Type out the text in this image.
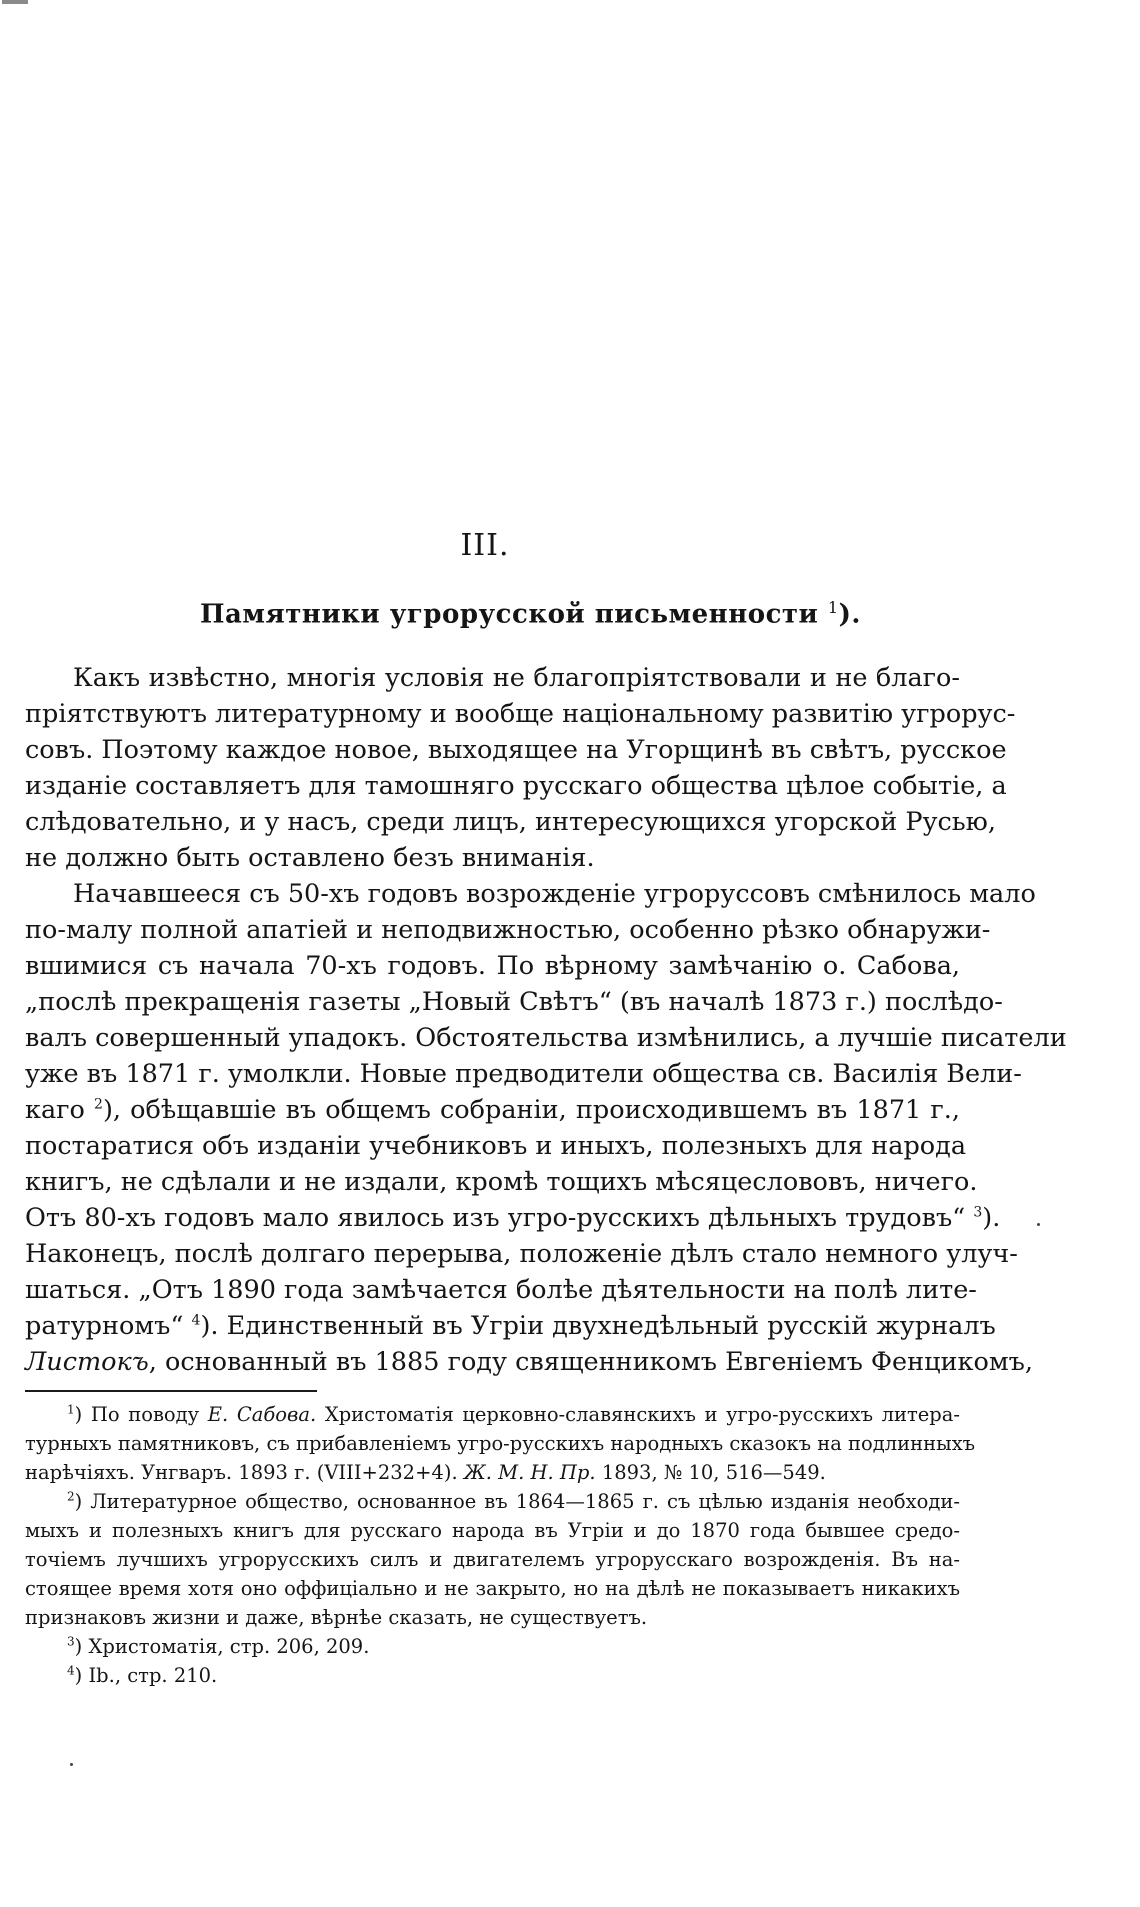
III.
Памятники угрорусской письменности $^1$).
Какъ извѣстно, многія условія не благопріятствовали и не благо-
пріятствуютъ литературному и вообще національному развитію угрорус-
совъ. Поэтому каждое новое, выходящее на Угорщинѣ въ свѣтъ, русское
изданіе составляетъ для тамошняго русскаго общества цѣлое событіе, а
слѣдовательно, и у насъ, среди лицъ, интересующихся угорской Русью,
не должно быть оставлено безъ вниманія.
Начавшееся съ 50-хъ годовъ возрожденіе угроруссовъ смѣнилось мало
по-малу полной апатіей и неподвижностью, особенно рѣзко обнаружи-
вшимися съ начала 70-хъ годовъ. По вѣрному замѣчанію о. Сабова,
„послѣ прекращенія газеты „Новый Свѣтъ“ (въ началѣ 1873 г.) послѣдо-
валъ совершенный упадокъ. Обстоятельства измѣнились, а лучшіе писатели
уже въ 1871 г. умолкли. Новые предводители общества св. Василія Вели-
каго $^2$), обѣщавшіе въ общемъ собраніи, происходившемъ въ 1871 г.,
постаратися объ изданіи учебниковъ и иныхъ, полезныхъ для народа
книгъ, не сдѣлали и не издали, кромѣ тощихъ мѣсяцеслововъ, ничего.
Отъ 80-хъ годовъ мало явилось изъ угро-русскихъ дѣльныхъ трудовъ“ $^3$).
Наконецъ, послѣ долгаго перерыва, положеніе дѣлъ стало немного улуч-
шаться. „Отъ 1890 года замѣчается болѣе дѣятельности на полѣ лите-
ратурномъ“ $^4$). Единственный въ Угріи двухнедѣльный русскій журналъ
Листокъ, основанный въ 1885 году священникомъ Евгеніемъ Фенцикомъ,
$^1$) По поводу Е. Сабова. Христоматія церковно-славянскихъ и угро-русскихъ литера-
турныхъ памятниковъ, съ прибавленіемъ угро-русскихъ народныхъ сказокъ на подлинныхъ
нарѣчіяхъ. Унгваръ. 1893 г. (VIII+232+4). Ж. М. Н. Пр. 1893, № 10, 516—549.
$^2$) Литературное общество, основанное въ 1864—1865 г. съ цѣлью изданія необходи-
мыхъ и полезныхъ книгъ для русскаго народа въ Угріи и до 1870 года бывшее средо-
точіемъ лучшихъ угрорусскихъ силъ и двигателемъ угрорусскаго возрожденія. Въ на-
стоящее время хотя оно оффиціально и не закрыто, но на дѣлѣ не показываетъ никакихъ
признаковъ жизни и даже, вѣрнѣе сказать, не существуетъ.
$^3$) Христоматія, стр. 206, 209.
$^4$) Ib., стр. 210.
